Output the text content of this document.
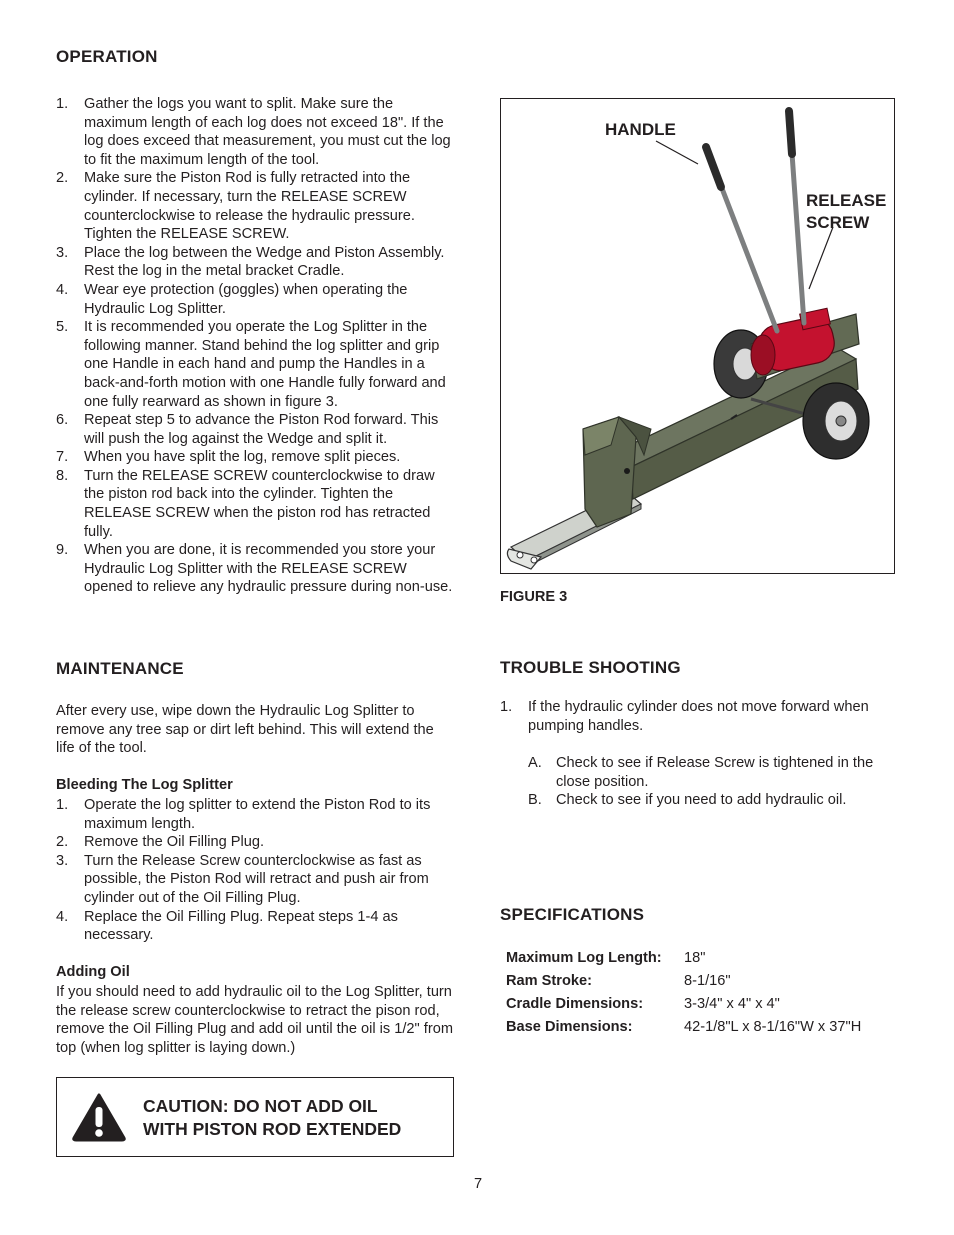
OPERATION
1. Gather the logs you want to split. Make sure the maximum length of each log does not exceed 18". If the log does exceed that measurement, you must cut the log to fit the maximum length of the tool.
2. Make sure the Piston Rod is fully retracted into the cylinder. If necessary, turn the RELEASE SCREW counterclockwise to release the hydraulic pressure. Tighten the RELEASE SCREW.
3. Place the log between the Wedge and Piston Assembly. Rest the log in the metal bracket Cradle.
4. Wear eye protection (goggles) when operating the Hydraulic Log Splitter.
5. It is recommended you operate the Log Splitter in the following manner. Stand behind the log splitter and grip one Handle in each hand and pump the Handles in a back-and-forth motion with one Handle fully forward and one fully rearward as shown in figure 3.
6. Repeat step 5 to advance the Piston Rod forward. This will push the log against the Wedge and split it.
7. When you have split the log, remove split pieces.
8. Turn the RELEASE SCREW counterclockwise to draw the piston rod back into the cylinder. Tighten the RELEASE SCREW when the piston rod has retracted fully.
9. When you are done, it is recommended you store your Hydraulic Log Splitter with the RELEASE SCREW opened to relieve any hydraulic pressure during non-use.
MAINTENANCE
After every use, wipe down the Hydraulic Log Splitter to remove any tree sap or dirt left behind. This will extend the life of the tool.
Bleeding The Log Splitter
1. Operate the log splitter to extend the Piston Rod to its maximum length.
2. Remove the Oil Filling Plug.
3. Turn the Release Screw counterclockwise as fast as possible, the Piston Rod will retract and push air from cylinder out of the Oil Filling Plug.
4. Replace the Oil Filling Plug. Repeat steps 1-4 as necessary.
Adding Oil
If you should need to add hydraulic oil to the Log Splitter, turn the release screw counterclockwise to retract the pison rod, remove the Oil Filling Plug and add oil until the oil is 1/2" from top (when log splitter is laying down.)
CAUTION: DO NOT ADD OIL
WITH PISTON ROD EXTENDED
HANDLE
RELEASE
SCREW
FIGURE 3
TROUBLE SHOOTING
1. If the hydraulic cylinder does not move forward when pumping handles.
A. Check to see if Release Screw is tightened in the close position.
B. Check to see if you need to add hydraulic oil.
SPECIFICATIONS
Maximum Log Length:	18"
Ram Stroke:	8-1/16"
Cradle Dimensions:	3-3/4" x 4" x 4"
Base Dimensions:	42-1/8"L x 8-1/16"W x 37"H
7
